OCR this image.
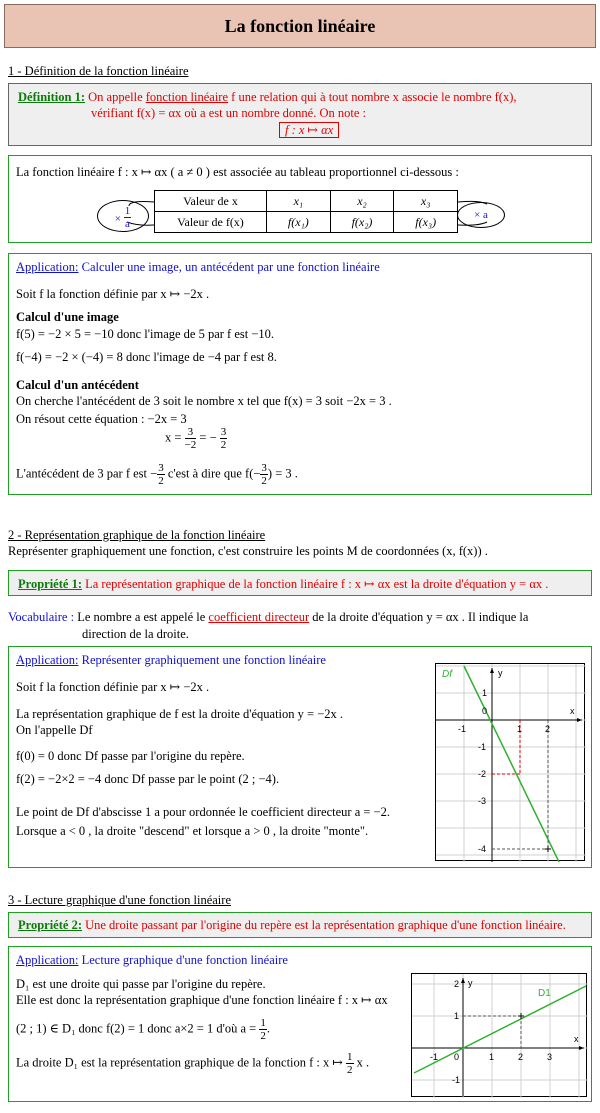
La fonction linéaire
1 - Définition de la fonction linéaire
Définition 1: On appelle fonction linéaire f une relation qui à tout nombre x associe le nombre f(x),
vérifiant f(x) = αx où a est un nombre donné. On note :
f : x ↦ αx
La fonction linéaire f : x ↦ αx ( a ≠ 0 ) est associée au tableau proportionnel ci-dessous :
Valeur de x	x₁	x₂	x₃
Valeur de f(x)	f(x₁)	f(x₂)	f(x₃)
× $\frac{1}{a}$	× a
Application: Calculer une image, un antécédent par une fonction linéaire
Soit f la fonction définie par x ↦ −2x .
Calcul d'une image
f(5) = −2 × 5 = −10 donc l'image de 5 par f est −10.
f(−4) = −2 × (−4) = 8 donc l'image de −4 par f est 8.
Calcul d'un antécédent
On cherche l'antécédent de 3 soit le nombre x tel que f(x) = 3 soit −2x = 3 .
On résout cette équation : −2x = 3
$x = \frac{3}{-2}$ = − $\frac{3}{2}$
L'antécédent de 3 par f est − $\frac{3}{2} c'est$ à dire que $f(- \frac{3}{2}$ ) = 3 .
2 - Représentation graphique de la fonction linéaire
Représenter graphiquement une fonction, c'est construire les points M de coordonnées (x, f(x)) .
Propriété 1: La représentation graphique de la fonction linéaire f : x ↦ αx est la droite d'équation y = αx .
Vocabulaire : Le nombre a est appelé le coefficient directeur de la droite d'équation y = αx . Il indique la
direction de la droite.
Application: Représenter graphiquement une fonction linéaire
Soit f la fonction définie par x ↦ −2x .
La représentation graphique de f est la droite d'équation y = −2x .
On l'appelle Df
f(0) = 0 donc Df passe par l'origine du repère.
f(2) = −2×2 = −4 donc Df passe par le point (2 ; −4).
Le point de Df d'abscisse 1 a pour ordonnée le coefficient directeur a = −2.
Lorsque a < 0 , la droite "descend" et lorsque a > 0 , la droite "monte".
Df	y
x
0
-1	1	2
1
-1
-2
-3
-4
3 - Lecture graphique d'une fonction linéaire
Propriété 2: Une droite passant par l'origine du repère est la représentation graphique d'une fonction linéaire.
Application: Lecture graphique d'une fonction linéaire
D₁ est une droite qui passe par l'origine du repère.
Elle est donc la représentation graphique d'une fonction linéaire f : x ↦ αx
(2 ; 1) ∈ D₁ donc f(2) = 1 donc a×2 = 1 d'où $a = \frac{1}{2}$ .
La droite D₁ est la représentation graphique de la fonction f : x ↦ $\frac{1}{2}$ x .
D1
y
x
0
-1	1	2	3
2
1
-1
